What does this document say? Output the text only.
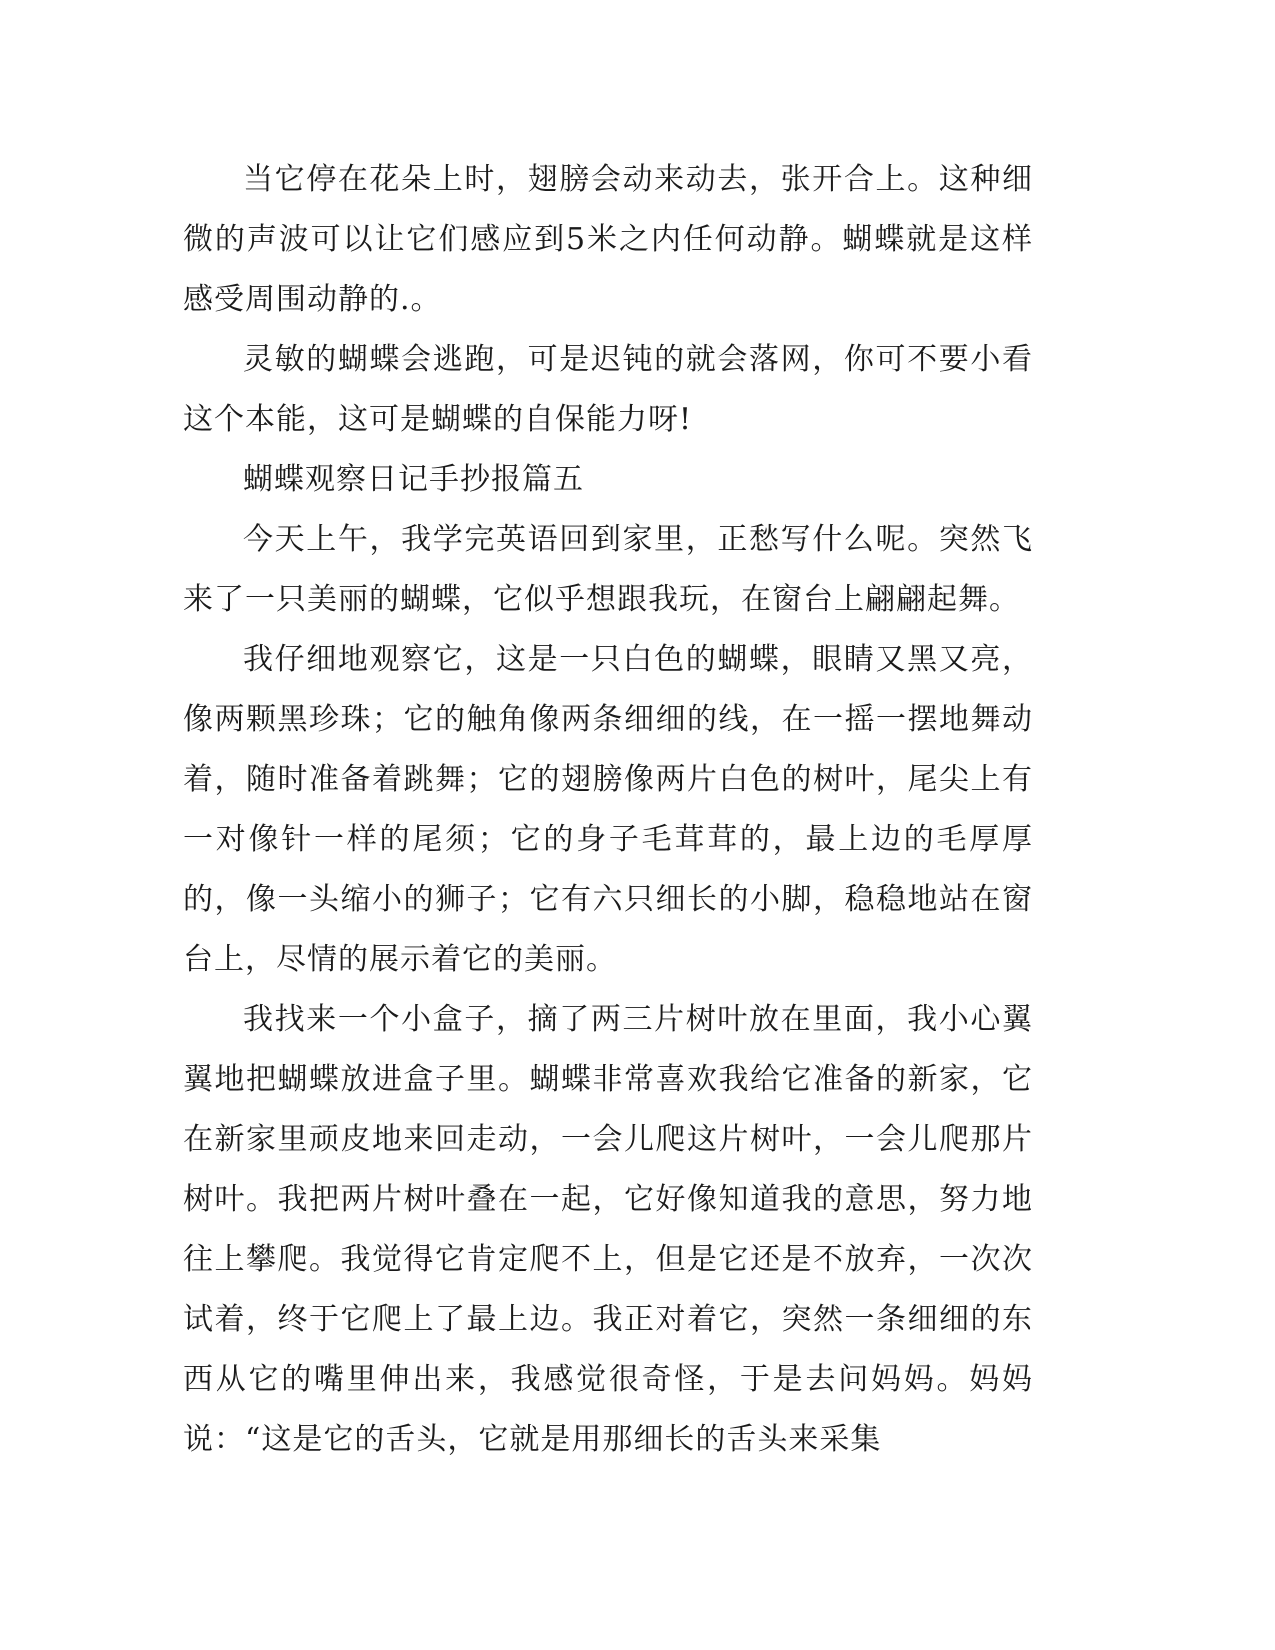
当它停在花朵上时，翅膀会动来动去，张开合上。这种细微的声波可以让它们感应到5米之内任何动静。蝴蝶就是这样感受周围动静的.。

灵敏的蝴蝶会逃跑，可是迟钝的就会落网，你可不要小看这个本能，这可是蝴蝶的自保能力呀!

蝴蝶观察日记手抄报篇五

今天上午，我学完英语回到家里，正愁写什么呢。突然飞来了一只美丽的蝴蝶，它似乎想跟我玩，在窗台上翩翩起舞。

我仔细地观察它，这是一只白色的蝴蝶，眼睛又黑又亮，像两颗黑珍珠；它的触角像两条细细的线，在一摇一摆地舞动着，随时准备着跳舞；它的翅膀像两片白色的树叶，尾尖上有一对像针一样的尾须；它的身子毛茸茸的，最上边的毛厚厚的，像一头缩小的狮子；它有六只细长的小脚，稳稳地站在窗台上，尽情的展示着它的美丽。

我找来一个小盒子，摘了两三片树叶放在里面，我小心翼翼地把蝴蝶放进盒子里。蝴蝶非常喜欢我给它准备的新家，它在新家里顽皮地来回走动，一会儿爬这片树叶，一会儿爬那片树叶。我把两片树叶叠在一起，它好像知道我的意思，努力地往上攀爬。我觉得它肯定爬不上，但是它还是不放弃，一次次试着，终于它爬上了最上边。我正对着它，突然一条细细的东西从它的嘴里伸出来，我感觉很奇怪，于是去问妈妈。妈妈说：“这是它的舌头，它就是用那细长的舌头来采集
